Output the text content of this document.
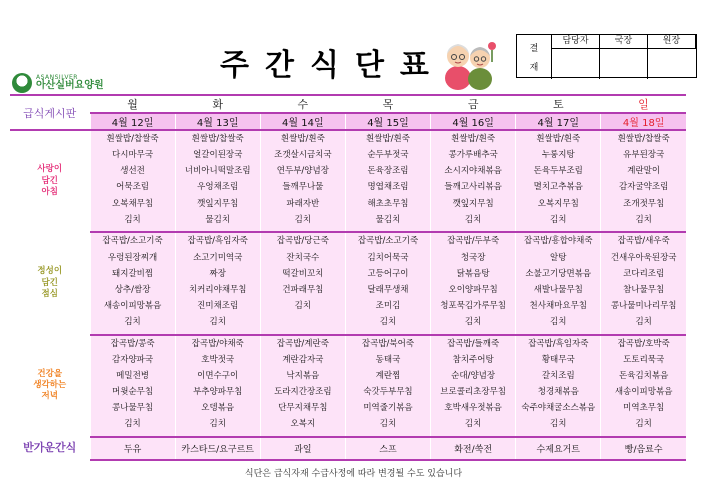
ASANSILVER
아산실버요양원
주간식단표	결
재
담당자	국장	원장
급식게시판	월	화	수	목	금	토	일
	4월 12일	4월 13일	4월 14일	4월 15일	4월 16일	4월 17일	4월 18일

사랑이
담긴
아침	흰쌀밥/찹쌀죽	흰쌀밥/찹쌀죽	흰쌀밥/흰죽	흰쌀밥/흰죽	흰쌀밥/흰죽	흰쌀밥/흰죽	흰쌀밥/찹쌀죽
	다시마무국	얼갈이된장국	조갯살시금치국	순두부젓국	콩가루배추국	누룽지탕	유부된장국
	생선전	너비아니떡말조림	연두부/양념장	돈육장조림	소시지야채볶음	돈육두부조림	계란말이
	어묵조림	우엉채조림	들깨무나물	명엽채조림	들깨고사리볶음	멸치고추볶음	감자굴약조림
	오복채무침	깻잎지무침	파래자반	해초초무침	깻잎지무침	오복지무침	조개젓무침
	김치	물김치	김치	물김치	김치	김치	김치

정성이
담긴
점심	잡곡밥/소고기죽	잡곡밥/흑임자죽	잡곡밥/당근죽	잡곡밥/소고기죽	잡곡밥/두부죽	잡곡밥/흥합야채죽	잡곡밥/새우죽
	우렁된장찌개	소고기미역국	잔치국수	김치어묵국	청국장	알탕	건새우아욱된장국
	돼지갈비찜	짜장	떡갈비꼬치	고등어구이	닭볶음탕	소불고기당면볶음	코다리조림
	상추/쌈장	치커리야채무침	건파래무침	달래무생채	오이양파무침	새발나물무침	참나물무침
	새송이피망볶음	진미채조림	김치	조미김	청포묵김가루무침	천사채마요무침	콩나물미나리무침
	김치	김치		김치	김치	김치	김치

건강을
생각하는
저녁	잡곡밥/콩죽	잡곡밥/야채죽	잡곡밥/계란죽	잡곡밥/북어죽	잡곡밥/들깨죽	잡곡밥/흑임자죽	잡곡밥/호박죽
	감자양파국	호박젓국	계란감자국	동태국	참치주어탕	황태무국	도토리묵국
	메밀전병	이면수구이	낙지볶음	계란찜	순대/양념장	갈치조림	돈육김치볶음
	머윗순무침	부추양파무침	도라지간장조림	숙갓두부무침	브로콜리초장무침	청경채볶음	새송이피망볶음
	콩나물무침	오뎅볶음	단무지채무침	미역줄기볶음	호박새우젓볶음	숙주야채굴소스볶음	미역초무침
	김치	김치	오복지	김치	김치	김치	김치

반가운간식	두유	카스타드/요구르트	과일	스프	화전/쑥전	수제요거트	빵/음료수
식단은 급식자재 수급사정에 따라 변경될 수도 있습니다
